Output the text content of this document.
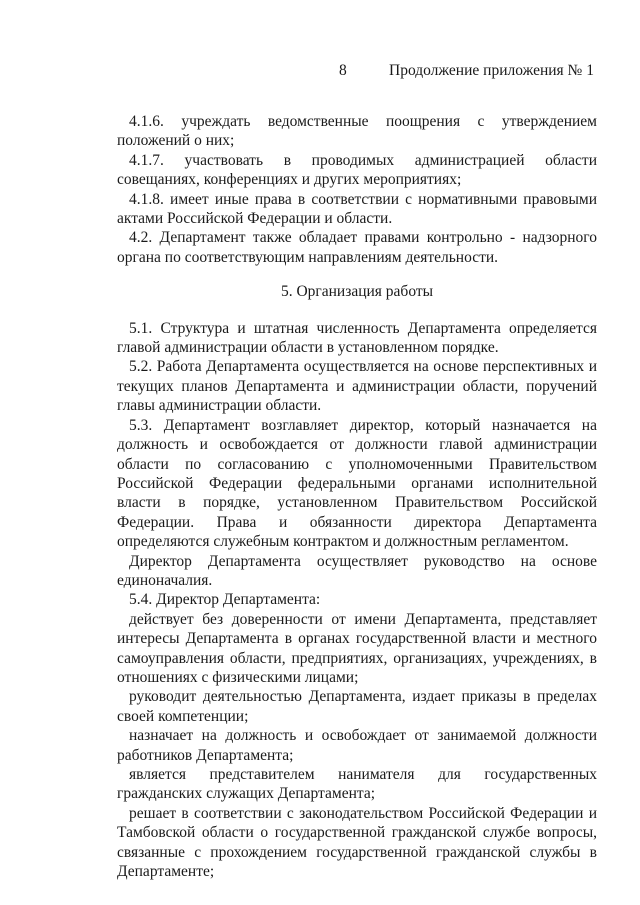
8	Продолжение приложения № 1

4.1.6. учреждать ведомственные поощрения с утверждением положений о них;

4.1.7. участвовать в проводимых администрацией области совещаниях, конференциях и других мероприятиях;

4.1.8. имеет иные права в соответствии с нормативными правовыми актами Российской Федерации и области.

4.2. Департамент также обладает правами контрольно - надзорного органа по соответствующим направлениям деятельности.

5. Организация работы

5.1. Структура и штатная численность Департамента определяется главой администрации области в установленном порядке.

5.2. Работа Департамента осуществляется на основе перспективных и текущих планов Департамента и администрации области, поручений главы администрации области.

5.3. Департамент возглавляет директор, который назначается на должность и освобождается от должности главой администрации области по согласованию с уполномоченными Правительством Российской Федерации федеральными органами исполнительной власти в порядке, установленном Правительством Российской Федерации. Права и обязанности директора Департамента определяются служебным контрактом и должностным регламентом.

Директор Департамента осуществляет руководство на основе единоначалия.

5.4. Директор Департамента:

действует без доверенности от имени Департамента, представляет интересы Департамента в органах государственной власти и местного самоуправления области, предприятиях, организациях, учреждениях, в отношениях с физическими лицами;

руководит деятельностью Департамента, издает приказы в пределах своей компетенции;

назначает на должность и освобождает от занимаемой должности работников Департамента;

является представителем нанимателя для государственных гражданских служащих Департамента;

решает в соответствии с законодательством Российской Федерации и Тамбовской области о государственной гражданской службе вопросы, связанные с прохождением государственной гражданской службы в Департаменте;
